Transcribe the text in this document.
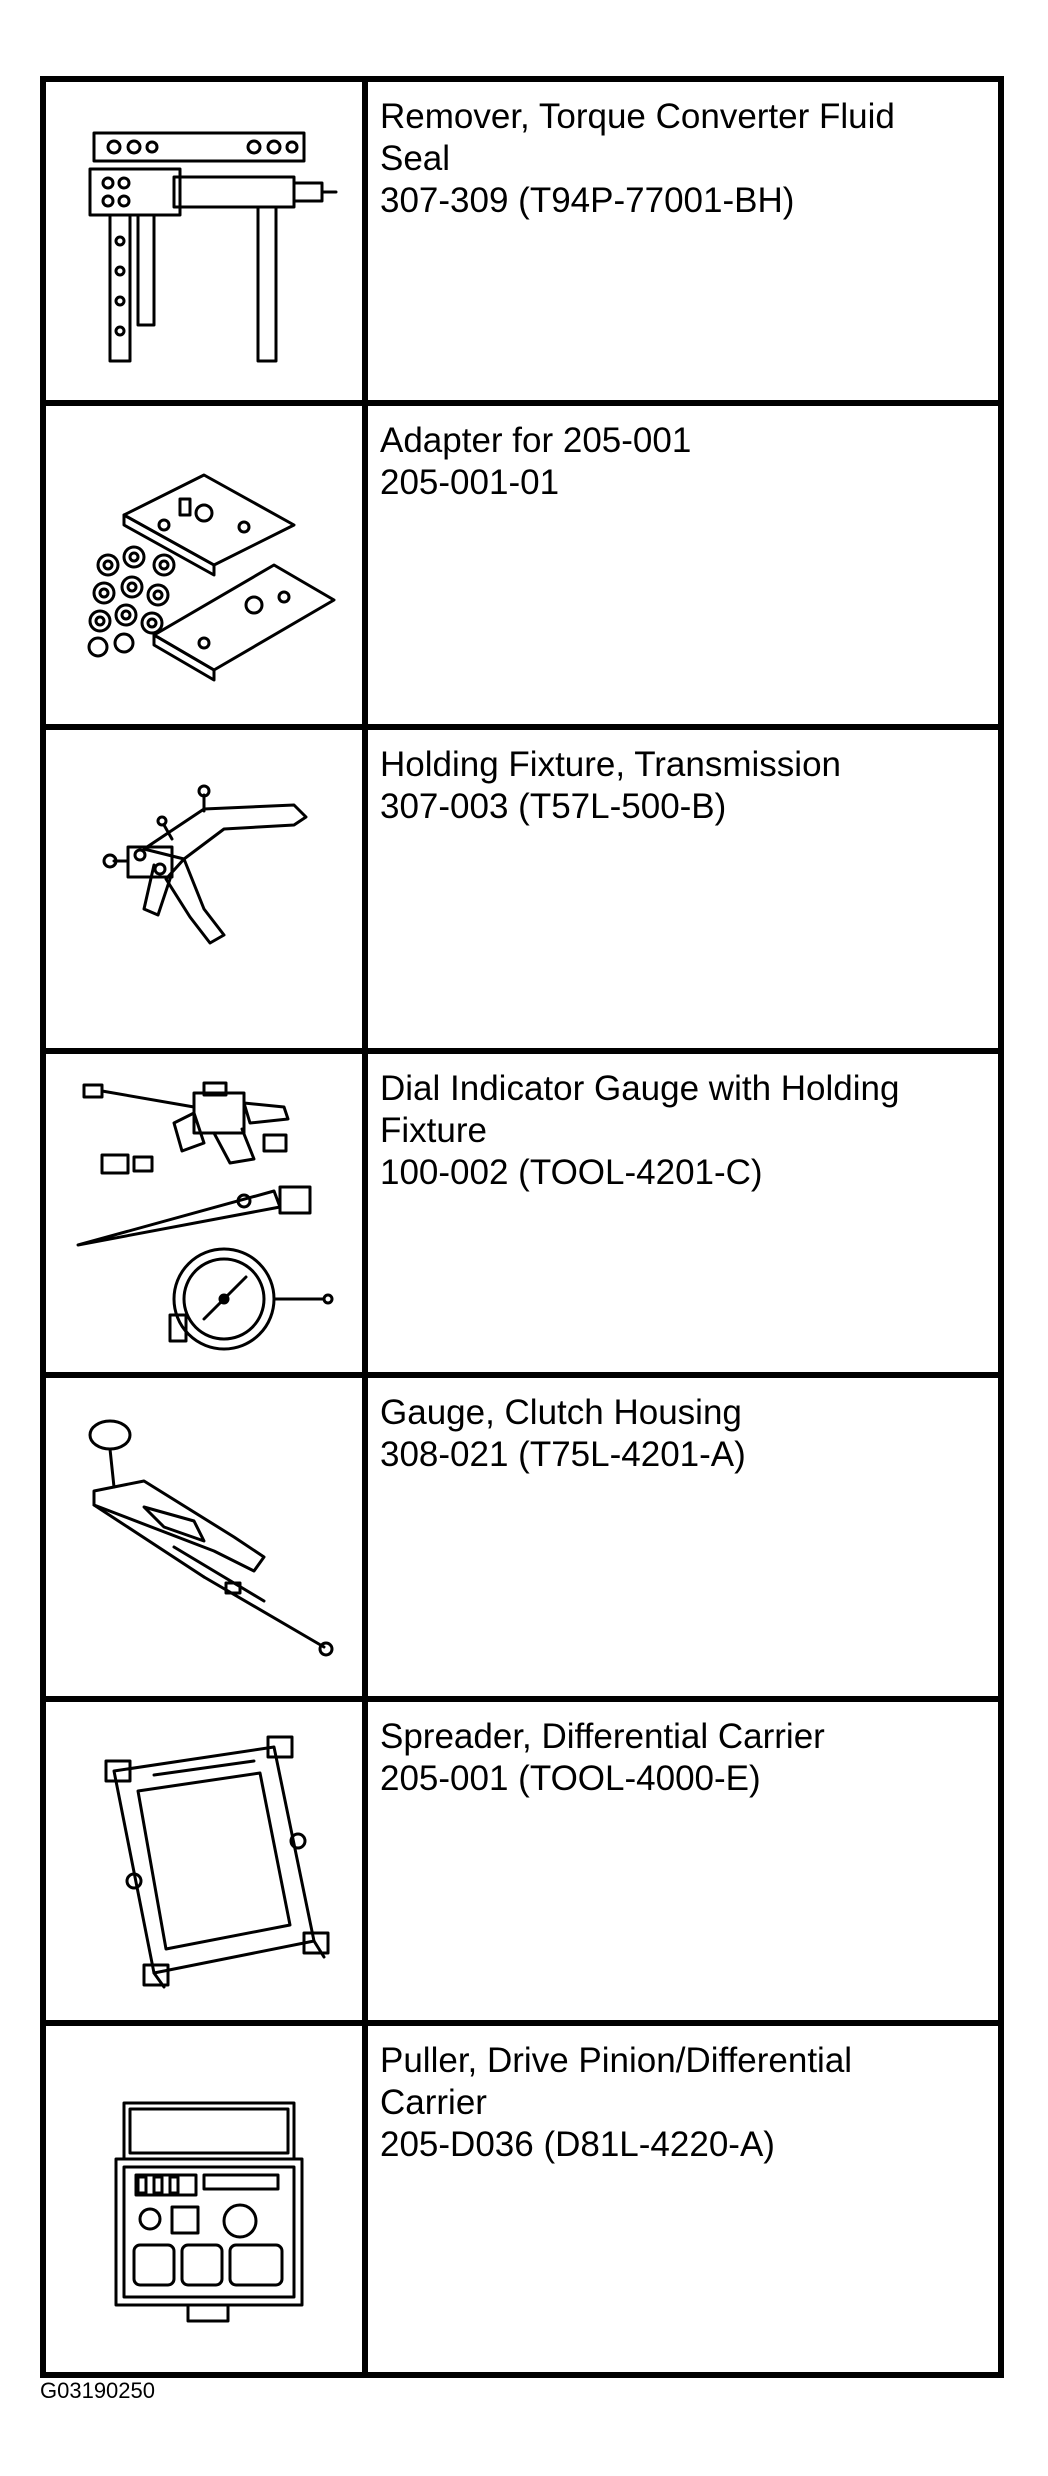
Remover, Torque Converter Fluid
Seal

307-309 (T94P-77001-BH)

Adapter for 205-001

205-001-01

Holding Fixture, Transmission

307-003 (T57L-500-B)

Dial Indicator Gauge with Holding
Fixture

100-002 (TOOL-4201-C)

Gauge, Clutch Housing

308-021 (T75L-4201-A)

Spreader, Differential Carrier

205-001 (TOOL-4000-E)

Puller, Drive Pinion/Differential
Carrier

205-D036 (D81L-4220-A)

G03190250
